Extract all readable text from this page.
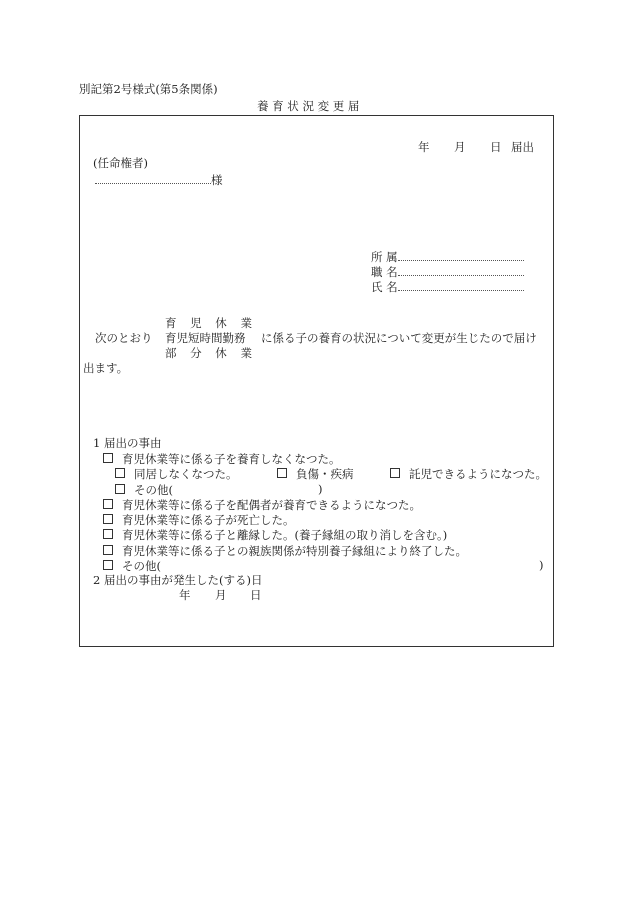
別記第2号様式(第5条関係)
養 育 状 況 変 更 届
年 月 日 届出
(任命権者)
様
所 属
職 名
氏 名
育 児 休 業
次のとおり 育児短時間勤務 に係る子の養育の状況について変更が生じたので届け
部 分 休 業
出ます。
1 届出の事由
育児休業等に係る子を養育しなくなつた。
同居しなくなつた。	負傷・疾病	託児できるようになつた。
その他(	)
育児休業等に係る子を配偶者が養育できるようになつた。
育児休業等に係る子が死亡した。
育児休業等に係る子と離縁した。(養子縁組の取り消しを含む。)
育児休業等に係る子との親族関係が特別養子縁組により終了した。
その他(	)
2 届出の事由が発生した(する)日
年 月 日
